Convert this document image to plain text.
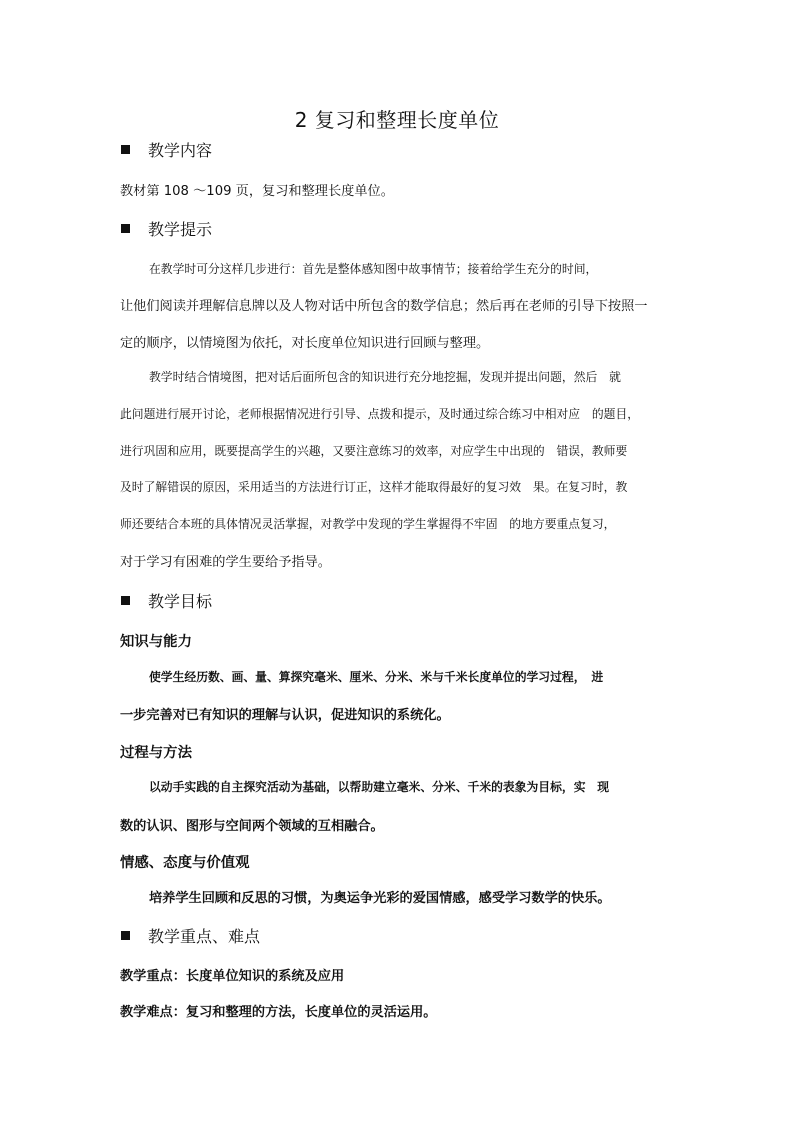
2 复习和整理长度单位
教学内容
教材第 108 ～109 页，复习和整理长度单位。
教学提示
在教学时可分这样几步进行：首先是整体感知图中故事情节；接着给学生充分的时间，
让他们阅读并理解信息牌以及人物对话中所包含的数学信息；然后再在老师的引导下按照一
定的顺序，以情境图为依托，对长度单位知识进行回顾与整理。
教学时结合情境图，把对话后面所包含的知识进行充分地挖掘，发现并提出问题，然后　就
此问题进行展开讨论，老师根据情况进行引导、点拨和提示，及时通过综合练习中相对应　的题目，
进行巩固和应用，既要提高学生的兴趣，又要注意练习的效率，对应学生中出现的　错误，教师要
及时了解错误的原因，采用适当的方法进行订正，这样才能取得最好的复习效　果。在复习时，教
师还要结合本班的具体情况灵活掌握，对教学中发现的学生掌握得不牢固　的地方要重点复习，
对于学习有困难的学生要给予指导。
教学目标
知识与能力
使学生经历数、画、量、算探究毫米、厘米、分米、米与千米长度单位的学习过程，　进
一步完善对已有知识的理解与认识，促进知识的系统化。
过程与方法
以动手实践的自主探究活动为基础，以帮助建立毫米、分米、千米的表象为目标，实　现
数的认识、图形与空间两个领域的互相融合。
情感、态度与价值观
培养学生回顾和反思的习惯，为奥运争光彩的爱国情感，感受学习数学的快乐。
教学重点、难点
教学重点：长度单位知识的系统及应用
教学难点：复习和整理的方法，长度单位的灵活运用。
